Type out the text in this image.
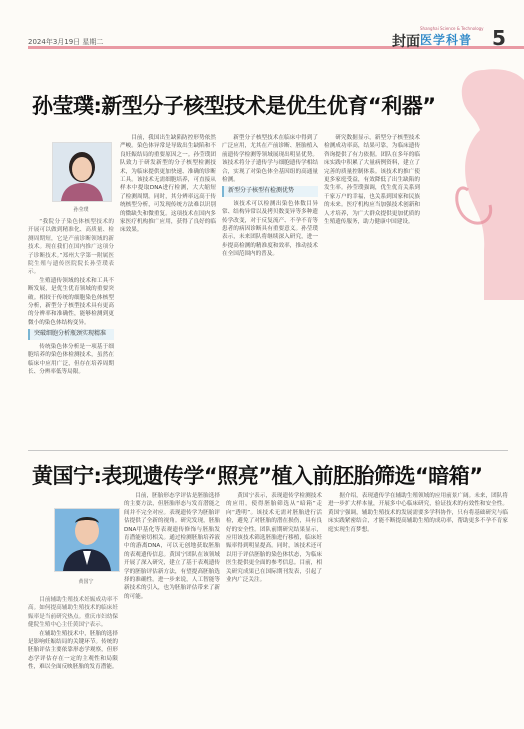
2024年3月19日 星期二	封面
Shanghai Science & Technology
医学科普 5
孙莹璞:新型分子核型技术是优生优育“利器”
孙莹璞

“我院分子染色体核型技术的开展可以做到精准化、高质量、检测周期短，它是产前诊断领域的新技术。现在我们在国内推广这项分子诊断技术。”郑州大学第一附属医院生殖与遗传医院院长孙莹璞表示。

生殖遗传领域的技术和工具不断发展，是优生优育领域的重要突破。相较于传统的细胞染色体核型分析，新型分子核型技术具有更高的分辨率和准确性，能够检测到更微小的染色体结构变异。

突破细胞分析瓶颈实现精准

传统染色体分析是一项基于细胞培养的染色体检测技术，虽然在临床中应用广泛，但存在培养周期长、分辨率低等局限。

目前，我国出生缺陷防控形势依然严峻。染色体异常是导致出生缺陷和不良妊娠结局的重要原因之一。孙莹璞团队致力于研发新型的分子核型检测技术，为临床提供更加快速、准确的诊断工具。该技术无需细胞培养，可直接从样本中提取DNA进行检测，大大缩短了检测周期。同时，其分辨率远高于传统核型分析，可发现传统方法难以识别的微缺失和微重复。这项技术在国内多家医疗机构推广应用，获得了良好的临床效果。

新型分子核型技术在临床中得到了广泛应用，尤其在产前诊断、胚胎植入前遗传学检测等领域展现出明显优势。该技术将分子遗传学与细胞遗传学相结合，实现了对染色体全基因组的高通量检测。

新型分子核型有检测优势

该技术可以检测出染色体数目异常、结构异常以及拷贝数变异等多种遗传学改变，对于反复流产、不孕不育等患者的病因诊断具有重要意义。孙莹璞表示，未来团队将继续深入研究，进一步提高检测的精准度和效率，推动技术在全国范围内的普及。

研究数据显示，新型分子核型技术检测成功率高，结果可靠，为临床遗传咨询提供了有力依据。团队在多年的临床实践中积累了大量病例资料，建立了完善的质量控制体系。该技术的推广使更多家庭受益，有效降低了出生缺陷的发生率。孙莹璞强调，优生优育关系到千家万户的幸福，也关系到国家和民族的未来。医疗机构应当加强技术创新和人才培养，为广大群众提供更加优质的生殖遗传服务，助力健康中国建设。

黄国宁:表现遗传学“照亮”植入前胚胎筛选“暗箱”
黄国宁

目前辅助生殖技术妊娠成功率不高。如何提高辅助生殖技术的临床妊娠率是当前研究热点。重庆市妇幼保健院生殖中心主任黄国宁表示。

在辅助生殖技术中，胚胎的选择是影响妊娠结局的关键环节。传统的胚胎评估主要依靠形态学观察，但形态学评估存在一定的主观性和局限性，难以全面反映胚胎的发育潜能。

目前，胚胎形态学评估是胚胎选择的主要方法，但胚胎形态与发育潜能之间并不完全对应。表现遗传学为胚胎评估提供了全新的视角。研究发现，胚胎DNA甲基化等表观遗传修饰与胚胎发育潜能密切相关。通过检测胚胎培养液中的游离DNA，可以无创地获取胚胎的表观遗传信息。黄国宁团队在该领域开展了深入研究，建立了基于表观遗传学的胚胎评估新方法，有望提高胚胎选择的准确性。进一步来说，人工智能等新技术的引入，也为胚胎评估带来了新的可能。

黄国宁表示，表现遗传学检测技术的应用，使得胚胎筛选从“暗箱”走向“透明”。该技术无需对胚胎进行活检，避免了对胚胎的潜在损伤，具有良好的安全性。团队前期研究结果显示，应用该技术筛选胚胎进行移植，临床妊娠率得到明显提高。同时，该技术还可以用于评估胚胎的染色体状态，为临床医生提供更全面的参考信息。目前，相关研究成果已在国际期刊发表，引起了业内广泛关注。

据介绍，表现遗传学在辅助生殖领域的应用前景广阔。未来，团队将进一步扩大样本量，开展多中心临床研究，验证技术的有效性和安全性。黄国宁强调，辅助生殖技术的发展需要多学科协作，只有将基础研究与临床实践紧密结合，才能不断提高辅助生殖的成功率，帮助更多不孕不育家庭实现生育梦想。
